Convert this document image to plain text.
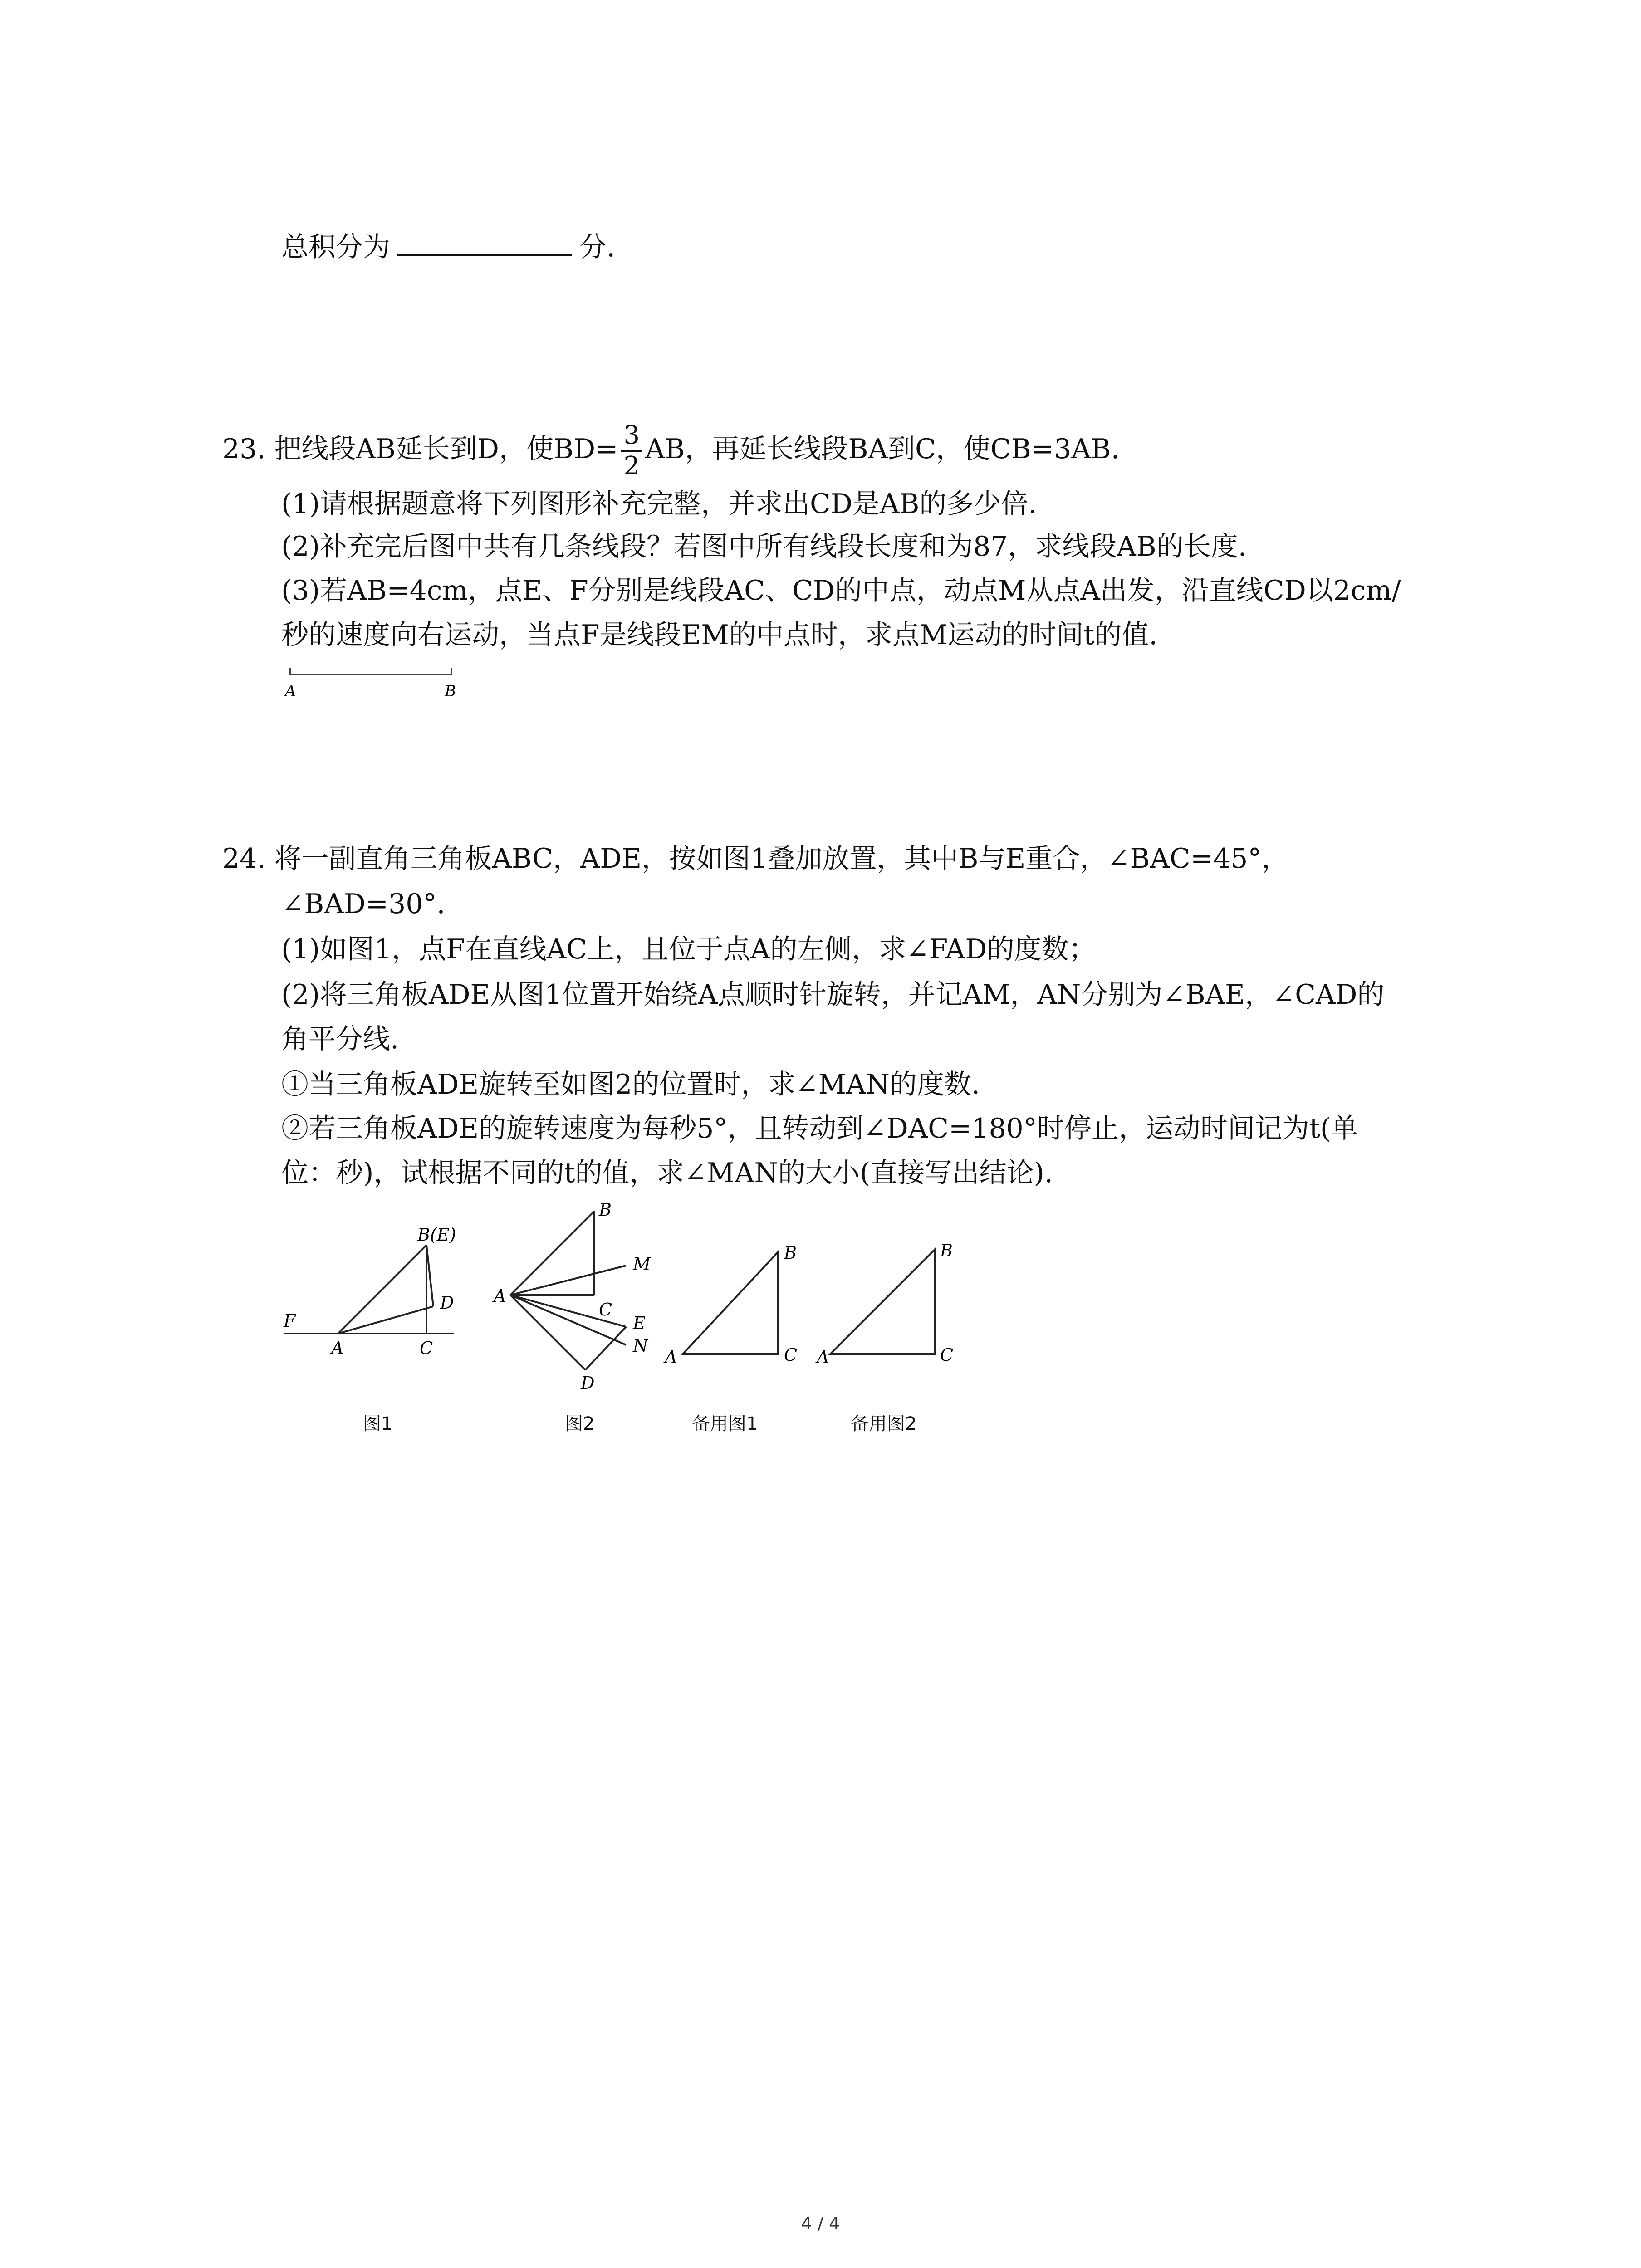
总积分为	分.
23. 把线段AB延长到D，使$BD= \frac{3}{2}$ AB，再延长线段BA到C，使CB=3AB.
(1)请根据题意将下列图形补充完整，并求出CD是AB的多少倍.
(2)补充完后图中共有几条线段？若图中所有线段长度和为87，求线段AB的长度.
(3)若AB=4cm，点E、F分别是线段AC、CD的中点，动点M从点A出发，沿直线CD以2cm/
秒的速度向右运动，当点F是线段EM的中点时，求点M运动的时间t的值.
A	B
B(E)
D
F
A	C
B
M
A
C
E
N
D
B
A	C
B
A	C
24. 将一副直角三角板ABC，ADE，按如图1叠加放置，其中B与E重合，∠BAC=45°，
∠BAD=30°.
(1)如图1，点F在直线AC上，且位于点A的左侧，求∠FAD的度数；
(2)将三角板ADE从图1位置开始绕A点顺时针旋转，并记AM，AN分别为∠BAE，∠CAD的
角平分线.
①当三角板ADE旋转至如图2的位置时，求∠MAN的度数.
②若三角板ADE的旋转速度为每秒5°，且转动到∠DAC=180°时停止，运动时间记为t(单
位：秒)，试根据不同的t的值，求∠MAN的大小(直接写出结论).
图1	图2	备用图1	备用图2
4 / 4
